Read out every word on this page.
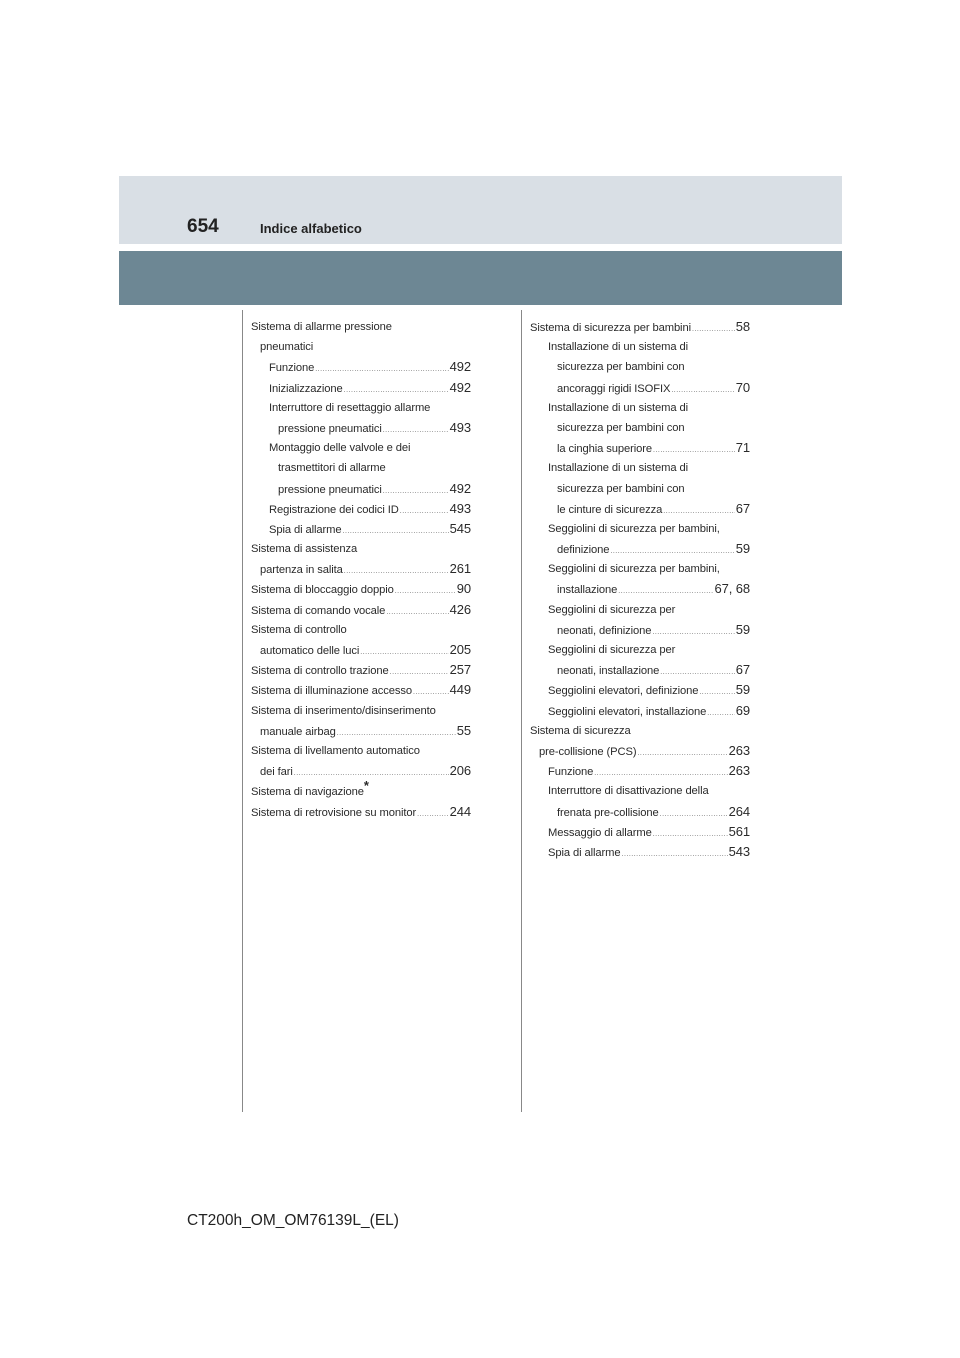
654	Indice alfabetico
Sistema di allarme pressione
pneumatici
Funzione .....	492
Inizializzazione .....	492
Interruttore di resettaggio allarme
pressione pneumatici .....	493
Montaggio delle valvole e dei
trasmettitori di allarme
pressione pneumatici .....	492
Registrazione dei codici ID .....	493
Spia di allarme .....	545
Sistema di assistenza
partenza in salita .....	261
Sistema di bloccaggio doppio .....	90
Sistema di comando vocale .....	426
Sistema di controllo
automatico delle luci .....	205
Sistema di controllo trazione .....	257
Sistema di illuminazione accesso .....	449
Sistema di inserimento/disinserimento
manuale airbag .....	55
Sistema di livellamento automatico
dei fari .....	206
Sistema di navigazione*
Sistema di retrovisione su monitor .....	244
Sistema di sicurezza per bambini .....	58
Installazione di un sistema di
sicurezza per bambini con
ancoraggi rigidi ISOFIX .....	70
Installazione di un sistema di
sicurezza per bambini con
la cinghia superiore .....	71
Installazione di un sistema di
sicurezza per bambini con
le cinture di sicurezza .....	67
Seggiolini di sicurezza per bambini,
definizione .....	59
Seggiolini di sicurezza per bambini,
installazione .....	67, 68
Seggiolini di sicurezza per
neonati, definizione .....	59
Seggiolini di sicurezza per
neonati, installazione .....	67
Seggiolini elevatori, definizione .....	59
Seggiolini elevatori, installazione ..... 69
Sistema di sicurezza
pre-collisione (PCS) .....	263
Funzione .....	263
Interruttore di disattivazione della
frenata pre-collisione .....	264
Messaggio di allarme .....	561
Spia di allarme .....	543
CT200h_OM_OM76139L_(EL)
